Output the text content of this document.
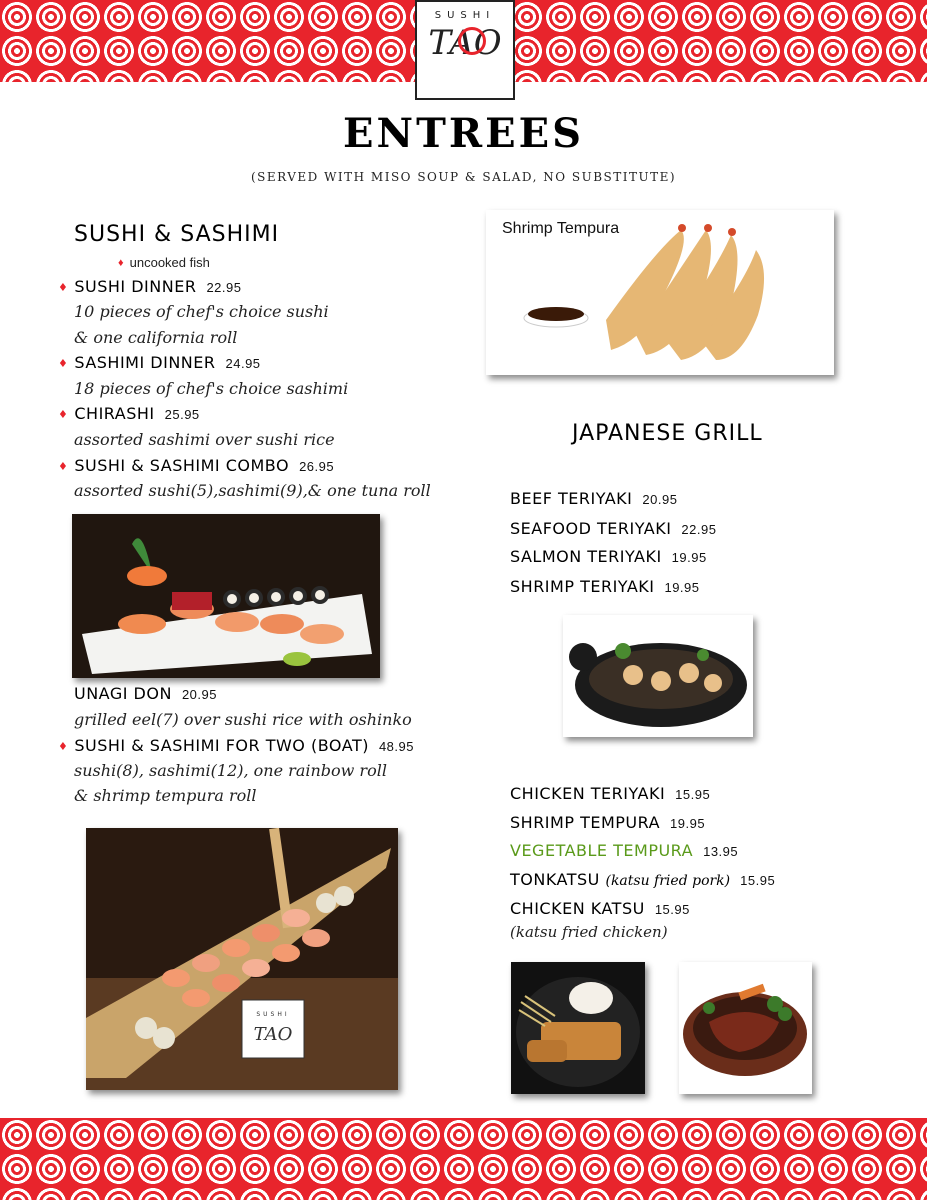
SUSHI
TAO
ENTREES
(SERVED WITH MISO SOUP & SALAD, NO SUBSTITUTE)
SUSHI & SASHIMI
♦ uncooked fish
♦ SUSHI DINNER 22.95
10 pieces of chef's choice sushi
& one california roll
♦ SASHIMI DINNER 24.95
18 pieces of chef's choice sashimi
♦ CHIRASHI 25.95
assorted sashimi over sushi rice
♦ SUSHI & SASHIMI COMBO 26.95
assorted sushi(5),sashimi(9),& one tuna roll
UNAGI DON 20.95
grilled eel(7) over sushi rice with oshinko
♦ SUSHI & SASHIMI FOR TWO (BOAT) 48.95
sushi(8), sashimi(12), one rainbow roll
& shrimp tempura roll
SUSHI
TAO
Shrimp Tempura
JAPANESE GRILL
BEEF TERIYAKI 20.95
SEAFOOD TERIYAKI 22.95
SALMON TERIYAKI 19.95
SHRIMP TERIYAKI 19.95
CHICKEN TERIYAKI 15.95
SHRIMP TEMPURA 19.95
VEGETABLE TEMPURA 13.95
TONKATSU (katsu fried pork) 15.95
CHICKEN KATSU 15.95
(katsu fried chicken)
